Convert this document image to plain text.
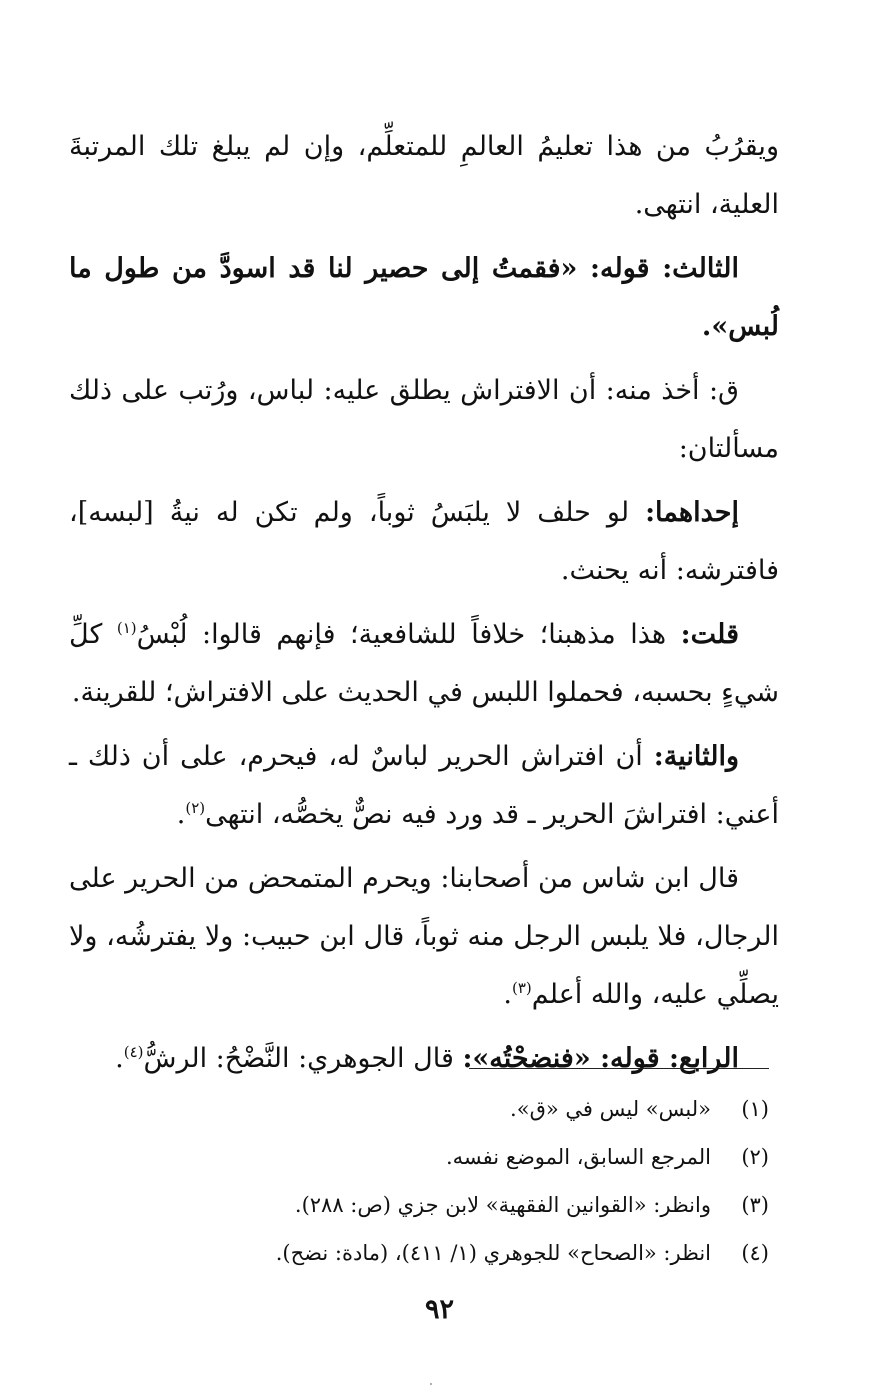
ويقرُبُ من هذا تعليمُ العالمِ للمتعلِّم، وإن لم يبلغ تلك المرتبةَ العلية، انتهى.

الثالث: قوله: «فقمتُ إلى حصير لنا قد اسودَّ من طول ما لُبس».

ق: أخذ منه: أن الافتراش يطلق عليه: لباس، ورُتب على ذلك مسألتان:

إحداهما: لو حلف لا يلبَسُ ثوباً، ولم تكن له نيةُ [لبسه]، فافترشه: أنه يحنث.

قلت: هذا مذهبنا؛ خلافاً للشافعية؛ فإنهم قالوا: لُبْسُ$^{(١)}$ كلِّ شيءٍ بحسبه، فحملوا اللبس في الحديث على الافتراش؛ للقرينة.

والثانية: أن افتراش الحرير لباسٌ له، فيحرم، على أن ذلك ـ أعني: افتراشَ الحرير ـ قد ورد فيه نصٌّ يخصُّه، انتهى$^{(٢)}$.

قال ابن شاس من أصحابنا: ويحرم المتمحض من الحرير على الرجال، فلا يلبس الرجل منه ثوباً، قال ابن حبيب: ولا يفترشُه، ولا يصلِّي عليه، والله أعلم$^{(٣)}$.

الرابع: قوله: «فنضحْتُه»: قال الجوهري: النَّضْحُ: الرشُّ$^{(٤)}$.

(١)
«لبس» ليس في «ق».
(٢)
المرجع السابق، الموضع نفسه.
(٣)
وانظر: «القوانين الفقهية» لابن جزي (ص: ٢٨٨).
(٤)
انظر: «الصحاح» للجوهري (١/ ٤١١)، (مادة: نضح).
٩٢
